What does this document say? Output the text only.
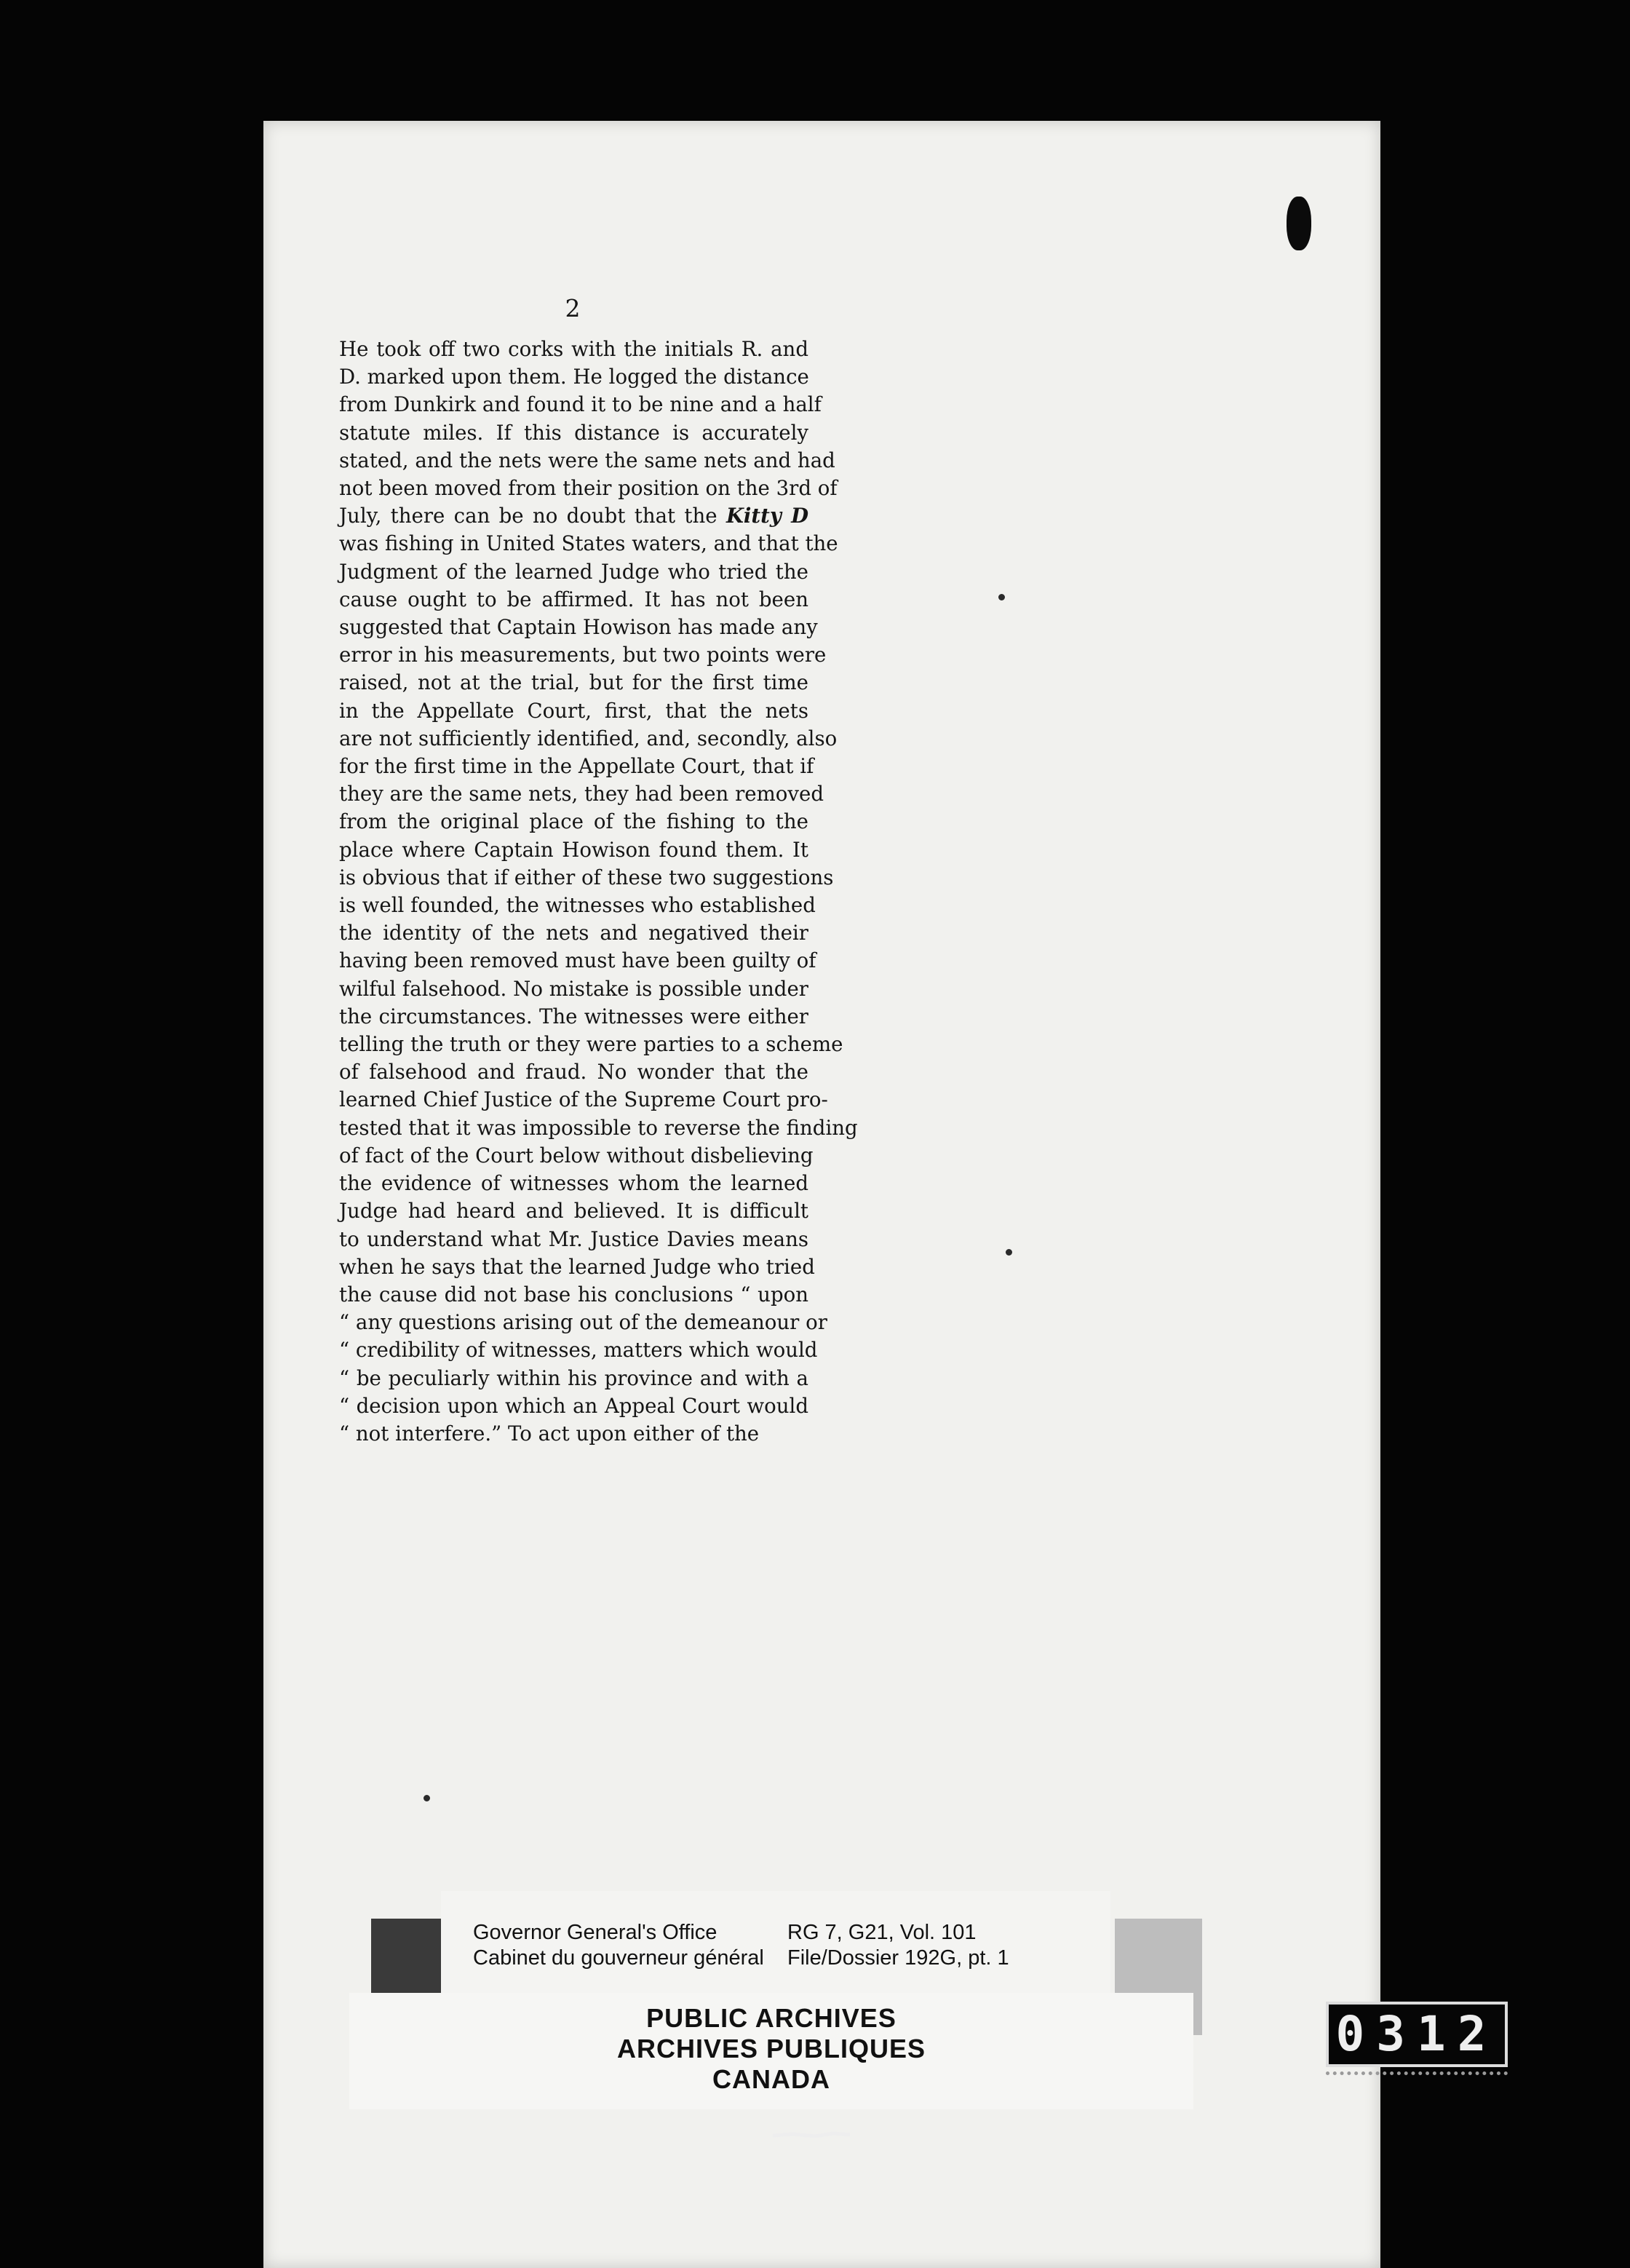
2
He took off two corks with the initials R. and
D. marked upon them. He logged the distance
from Dunkirk and found it to be nine and a half
statute miles. If this distance is accurately
stated, and the nets were the same nets and had
not been moved from their position on the 3rd of
July, there can be no doubt that the Kitty D
was fishing in United States waters, and that the
Judgment of the learned Judge who tried the
cause ought to be affirmed. It has not been
suggested that Captain Howison has made any
error in his measurements, but two points were
raised, not at the trial, but for the first time
in the Appellate Court, first, that the nets
are not sufficiently identified, and, secondly, also
for the first time in the Appellate Court, that if
they are the same nets, they had been removed
from the original place of the fishing to the
place where Captain Howison found them. It
is obvious that if either of these two suggestions
is well founded, the witnesses who established
the identity of the nets and negatived their
having been removed must have been guilty of
wilful falsehood. No mistake is possible under
the circumstances. The witnesses were either
telling the truth or they were parties to a scheme
of falsehood and fraud. No wonder that the
learned Chief Justice of the Supreme Court pro-
tested that it was impossible to reverse the finding
of fact of the Court below without disbelieving
the evidence of witnesses whom the learned
Judge had heard and believed. It is difficult
to understand what Mr. Justice Davies means
when he says that the learned Judge who tried
the cause did not base his conclusions “ upon
“ any questions arising out of the demeanour or
“ credibility of witnesses, matters which would
“ be peculiarly within his province and with a
“ decision upon which an Appeal Court would
“ not interfere.” To act upon either of the
Governor General's Office
Cabinet du gouverneur général
RG 7, G21, Vol. 101
File/Dossier 192G, pt. 1
PUBLIC ARCHIVES
ARCHIVES PUBLIQUES
CANADA
0312
